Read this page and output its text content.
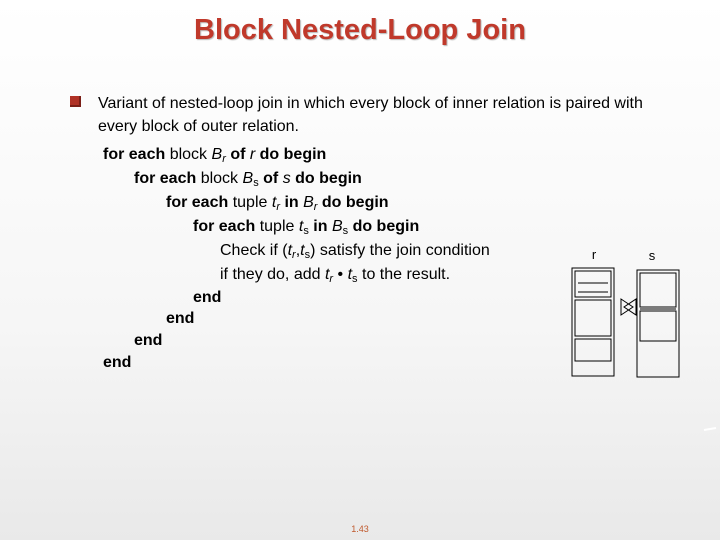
Block Nested-Loop Join
Variant of nested-loop join in which every block of inner relation is paired with every block of outer relation.
for each block $B_r$ of r do begin
for each block $B_s$ of s do begin
for each tuple $t_r$ in $B_r$ do begin
for each tuple $t_s$ in $B_s$ do begin
Check if $(t_r,t_s)$ satisfy the join condition
if they do, add $t_r$ • $t_s$ to the result.
end
end
end
end
r	s
1.43
